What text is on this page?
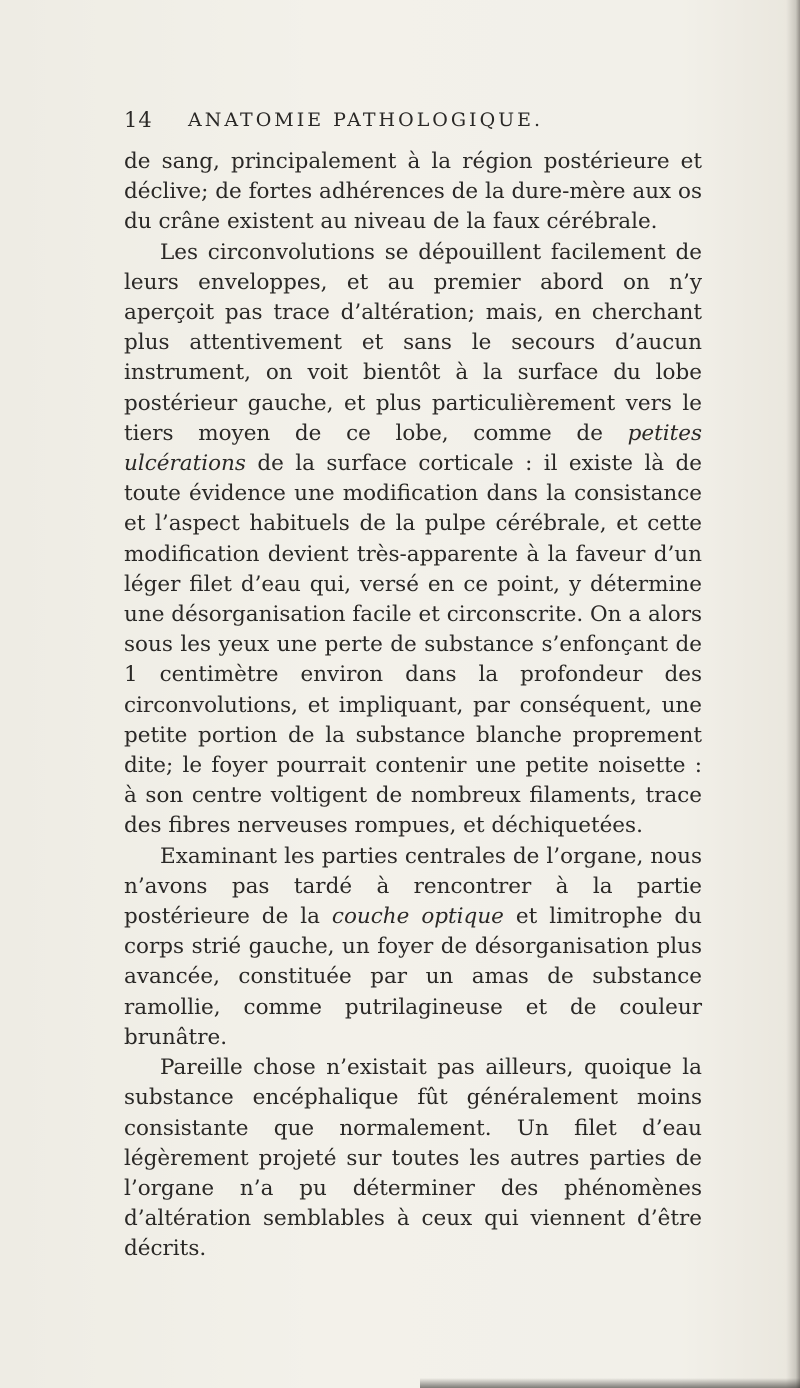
14 ANATOMIE PATHOLOGIQUE.

de sang, principalement à la région postérieure et déclive; de fortes adhérences de la dure-mère aux os du crâne existent au niveau de la faux cérébrale.

Les circonvolutions se dépouillent facilement de leurs enveloppes, et au premier abord on n’y aperçoit pas trace d’altération; mais, en cherchant plus attentivement et sans le secours d’aucun instrument, on voit bientôt à la surface du lobe postérieur gauche, et plus particulièrement vers le tiers moyen de ce lobe, comme de petites ulcérations de la surface corticale : il existe là de toute évidence une modification dans la consistance et l’aspect habituels de la pulpe cérébrale, et cette modification devient très-apparente à la faveur d’un léger filet d’eau qui, versé en ce point, y détermine une désorganisation facile et circonscrite. On a alors sous les yeux une perte de substance s’enfonçant de 1 centimètre environ dans la profondeur des circonvolutions, et impliquant, par conséquent, une petite portion de la substance blanche proprement dite; le foyer pourrait contenir une petite noisette : à son centre voltigent de nombreux filaments, trace des fibres nerveuses rompues, et déchiquetées.

Examinant les parties centrales de l’organe, nous n’avons pas tardé à rencontrer à la partie postérieure de la couche optique et limitrophe du corps strié gauche, un foyer de désorganisation plus avancée, constituée par un amas de substance ramollie, comme putrilagineuse et de couleur brunâtre.

Pareille chose n’existait pas ailleurs, quoique la substance encéphalique fût généralement moins consistante que normalement. Un filet d’eau légèrement projeté sur toutes les autres parties de l’organe n’a pu déterminer des phénomènes d’altération semblables à ceux qui viennent d’être décrits.
